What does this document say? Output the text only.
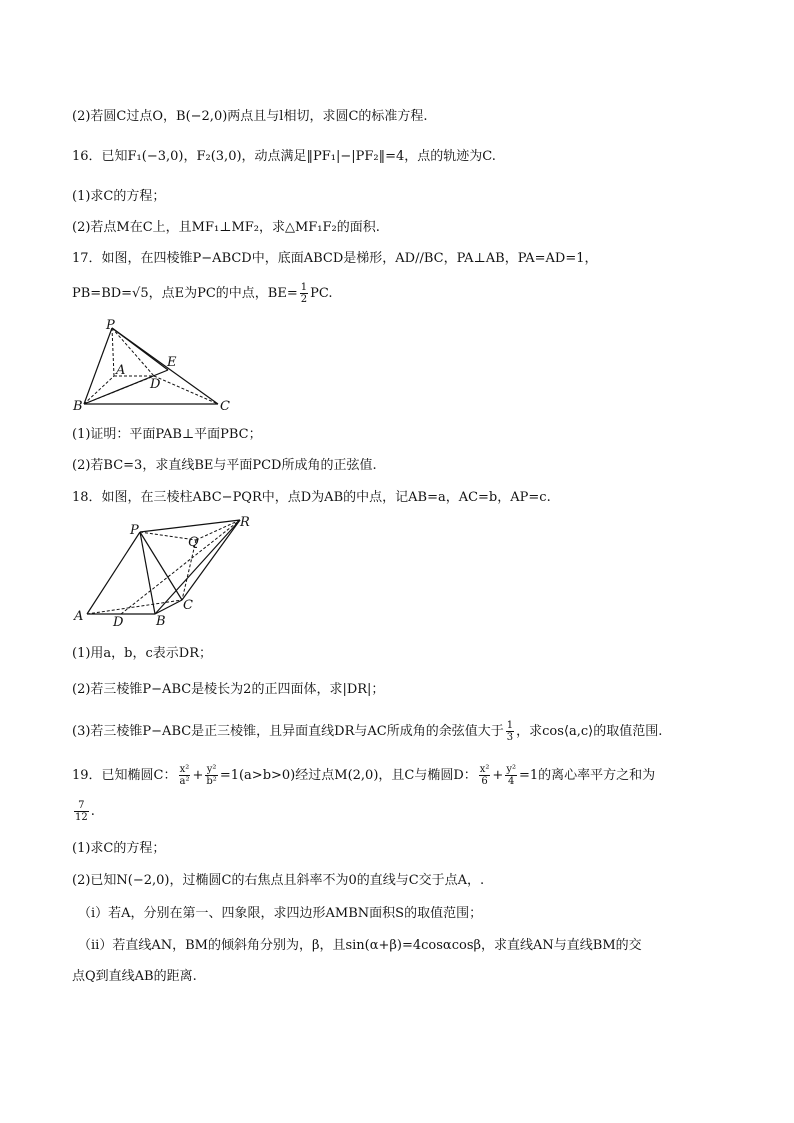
(2)若圆C过点O，B(−2,0)两点且与l相切，求圆C的标准方程.
16．已知F₁(−3,0)，F₂(3,0)，动点满足‖PF₁|−|PF₂‖=4，点的轨迹为C.
(1)求C的方程；
(2)若点M在C上，且MF₁⊥MF₂，求△MF₁F₂的面积.
17．如图，在四棱锥P−ABCD中，底面ABCD是梯形，AD//BC，PA⊥AB，PA=AD=1，
PB=BD=√5，点E为PC的中点，$BE= \frac{1}{2}$ PC.
P
A
B	C
D
E
(1)证明：平面PAB⊥平面PBC；
(2)若BC=3，求直线BE与平面PCD所成角的正弦值.
18．如图，在三棱柱ABC−PQR中，点D为AB的中点，记AB=a，AC=b，AP=c.
P
Q
R
A	B
C
D
(1)用a，b，c表示DR；
(2)若三棱锥P−ABC是棱长为2的正四面体，求|DR|；
(3)若三棱锥P−ABC是正三棱锥，且异面直线DR与AC所成角的余弦值大于 $\frac{1}{3}$ ，求cos⟨a,c⟩的取值范围.
19．已知椭圆C： $\frac{\text{x²}}{\text{a²}} + \frac{\text{y²}}{\text{b²}} =1(a>b>0)$经过点M(2,0)，且C与椭圆D： $\frac{\text{x²}}{6} + \frac{\text{y²}}{4} =1$的离心率平方之和为
$\frac{7}{12}$ .
(1)求C的方程；
(2)已知N(−2,0)，过椭圆C的右焦点且斜率不为0的直线与C交于点A，.
（ⅰ）若A，分别在第一、四象限，求四边形AMBN面积S的取值范围；
（ⅱ）若直线AN，BM的倾斜角分别为，β，且sin(α+β)=4cosαcosβ，求直线AN与直线BM的交
点Q到直线AB的距离.
